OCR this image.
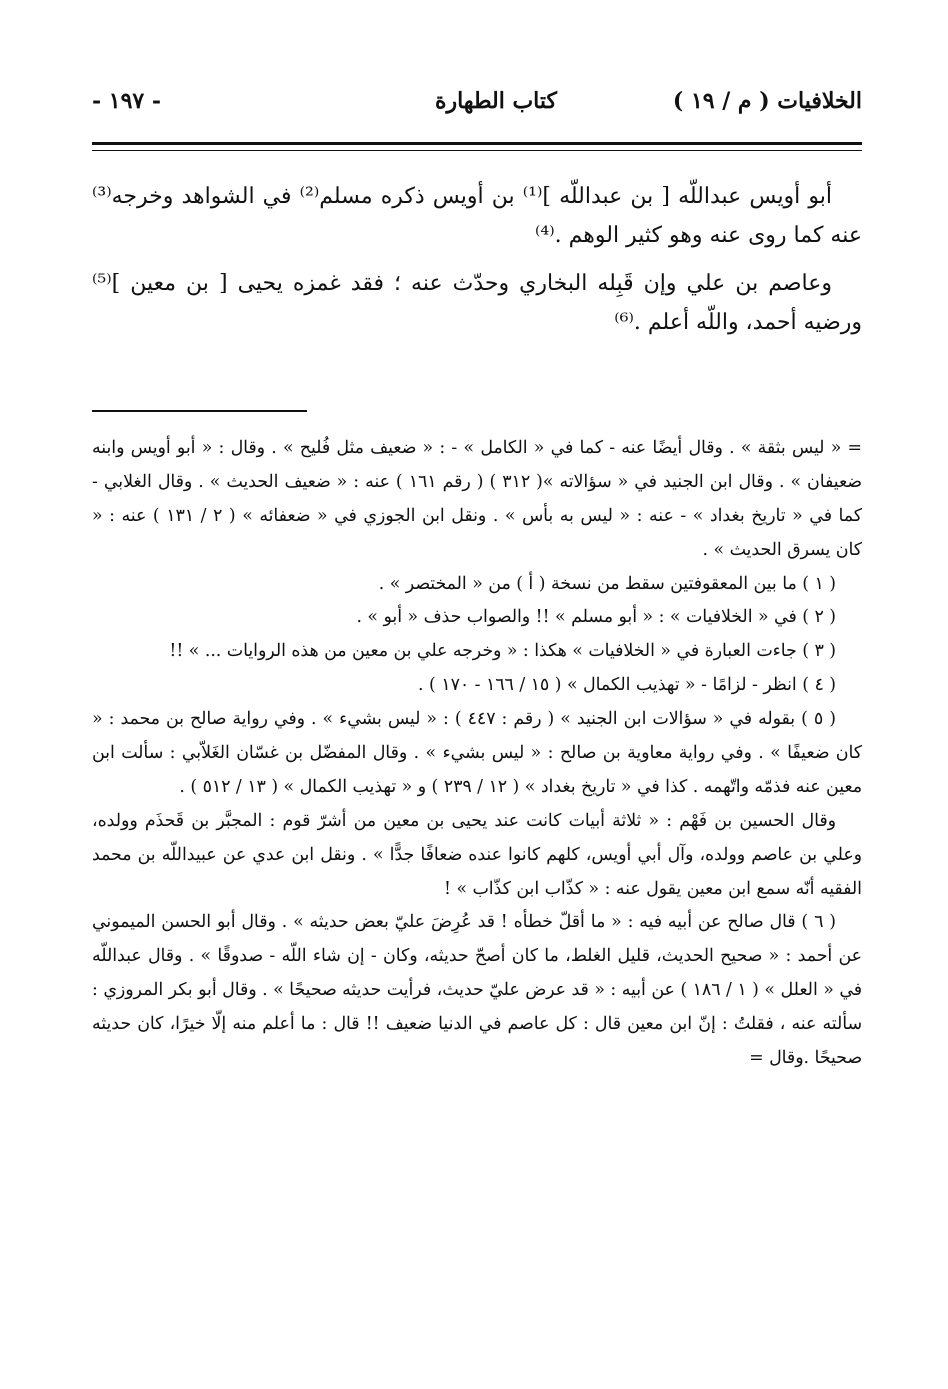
الخلافيات ( م / ١٩ )
كتاب الطهارة
- ١٩٧ -

أبو أويس عبداللّه [ بن عبداللّه ]⁽¹⁾ بن أويس ذكره مسلم⁽²⁾ في الشواهد وخرجه⁽³⁾ عنه كما روى عنه وهو كثير الوهم .⁽⁴⁾

وعاصم بن علي وإن قَبِله البخاري وحدّث عنه ؛ فقد غمزه يحيى [ بن معين ]⁽⁵⁾ ورضيه أحمد، واللّه أعلم .⁽⁶⁾

= « ليس بثقة » . وقال أيضًا عنه - كما في « الكامل » - : « ضعيف مثل فُليح » . وقال : « أبو أويس وابنه ضعيفان » . وقال ابن الجنيد في « سؤالاته »( ٣١٢ ) ( رقم ١٦١ ) عنه : « ضعيف الحديث » . وقال الغلابي - كما في « تاريخ بغداد » - عنه : « ليس به بأس » . ونقل ابن الجوزي في « ضعفائه » ( ٢ / ١٣١ ) عنه : « كان يسرق الحديث » .

( ١ ) ما بين المعقوفتين سقط من نسخة ( أ ) من « المختصر » .

( ٢ ) في « الخلافيات » : « أبو مسلم » !! والصواب حذف « أبو » .

( ٣ ) جاءت العبارة في « الخلافيات » هكذا : « وخرجه علي بن معين من هذه الروايات ... » !!

( ٤ ) انظر - لزامًا - « تهذيب الكمال » ( ١٥ / ١٦٦ - ١٧٠ ) .

( ٥ ) بقوله في « سؤالات ابن الجنيد » ( رقم : ٤٤٧ ) : « ليس بشيء » . وفي رواية صالح بن محمد : « كان ضعيفًا » . وفي رواية معاوية بن صالح : « ليس بشيء » . وقال المفضّل بن غسّان الغَلاّبي : سألت ابن معين عنه فذمّه واتّهمه . كذا في « تاريخ بغداد » ( ١٢ / ٢٣٩ ) و « تهذيب الكمال » ( ١٣ / ٥١٢ ) .

وقال الحسين بن فَهْم : « ثلاثة أبيات كانت عند يحيى بن معين من أشرّ قوم : المجبَّر بن قَحذَم وولده، وعلي بن عاصم وولده، وآل أبي أويس، كلهم كانوا عنده ضعافًا جدًّا » . ونقل ابن عدي عن عبيداللّه بن محمد الفقيه أنّه سمع ابن معين يقول عنه : « كذّاب ابن كذّاب » !

( ٦ ) قال صالح عن أبيه فيه : « ما أقلّ خطأه ! قد عُرِضَ عليّ بعض حديثه » . وقال أبو الحسن الميموني عن أحمد : « صحيح الحديث، قليل الغلط، ما كان أصحّ حديثه، وكان - إن شاء اللّه - صدوقًا » . وقال عبداللّه في « العلل » ( ١ / ١٨٦ ) عن أبيه : « قد عرض عليّ حديث، فرأيت حديثه صحيحًا » . وقال أبو بكر المروزي : سألته عنه ، فقلتُ : إنّ ابن معين قال : كل عاصم في الدنيا ضعيف !! قال : ما أعلم منه إلّا خيرًا، كان حديثه صحيحًا .وقال =
